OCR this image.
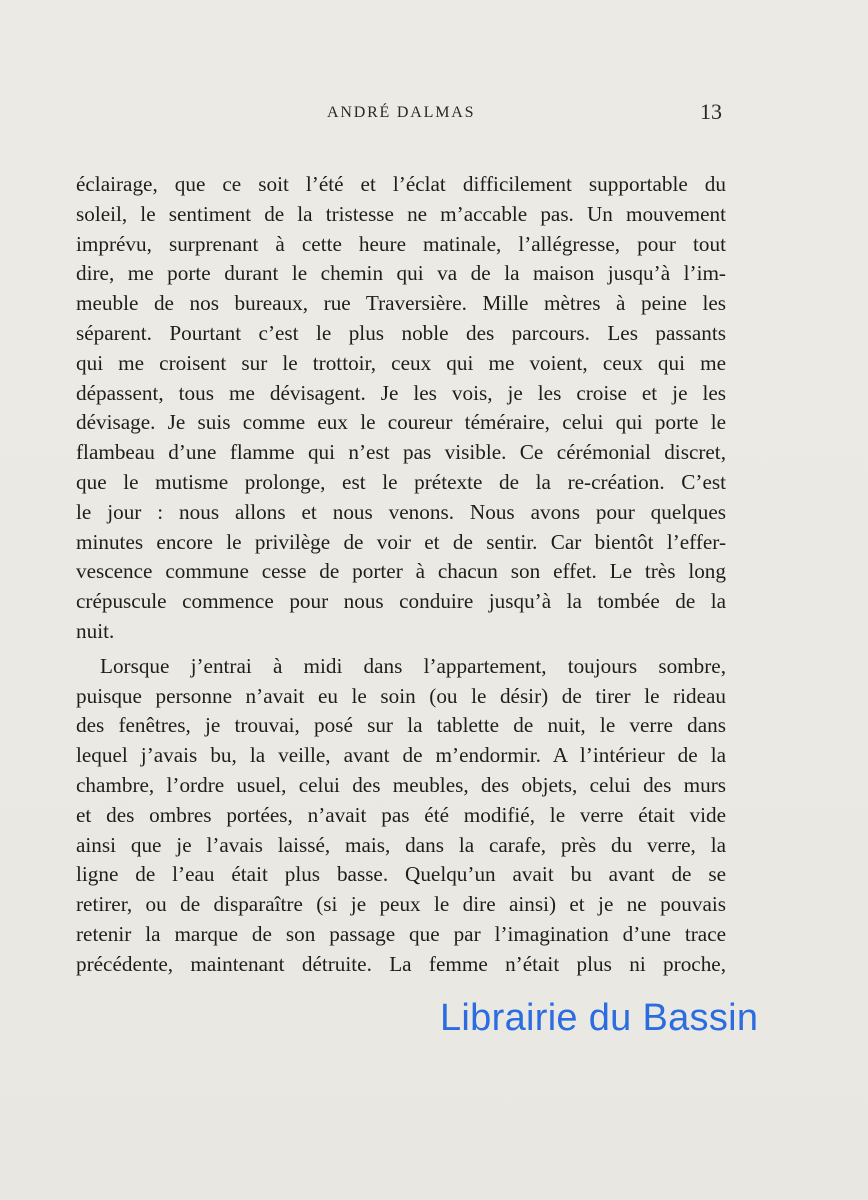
ANDRÉ DALMAS	13
éclairage, que ce soit l’été et l’éclat difficilement supportable du
soleil, le sentiment de la tristesse ne m’accable pas. Un mouvement
imprévu, surprenant à cette heure matinale, l’allégresse, pour tout
dire, me porte durant le chemin qui va de la maison jusqu’à l’im-
meuble de nos bureaux, rue Traversière. Mille mètres à peine les
séparent. Pourtant c’est le plus noble des parcours. Les passants
qui me croisent sur le trottoir, ceux qui me voient, ceux qui me
dépassent, tous me dévisagent. Je les vois, je les croise et je les
dévisage. Je suis comme eux le coureur téméraire, celui qui porte le
flambeau d’une flamme qui n’est pas visible. Ce cérémonial discret,
que le mutisme prolonge, est le prétexte de la re-création. C’est
le jour : nous allons et nous venons. Nous avons pour quelques
minutes encore le privilège de voir et de sentir. Car bientôt l’effer-
vescence commune cesse de porter à chacun son effet. Le très long
crépuscule commence pour nous conduire jusqu’à la tombée de la
nuit.
Lorsque j’entrai à midi dans l’appartement, toujours sombre,
puisque personne n’avait eu le soin (ou le désir) de tirer le rideau
des fenêtres, je trouvai, posé sur la tablette de nuit, le verre dans
lequel j’avais bu, la veille, avant de m’endormir. A l’intérieur de la
chambre, l’ordre usuel, celui des meubles, des objets, celui des murs
et des ombres portées, n’avait pas été modifié, le verre était vide
ainsi que je l’avais laissé, mais, dans la carafe, près du verre, la
ligne de l’eau était plus basse. Quelqu’un avait bu avant de se
retirer, ou de disparaître (si je peux le dire ainsi) et je ne pouvais
retenir la marque de son passage que par l’imagination d’une trace
précédente, maintenant détruite. La femme n’était plus ni proche,
Librairie du Bassin
